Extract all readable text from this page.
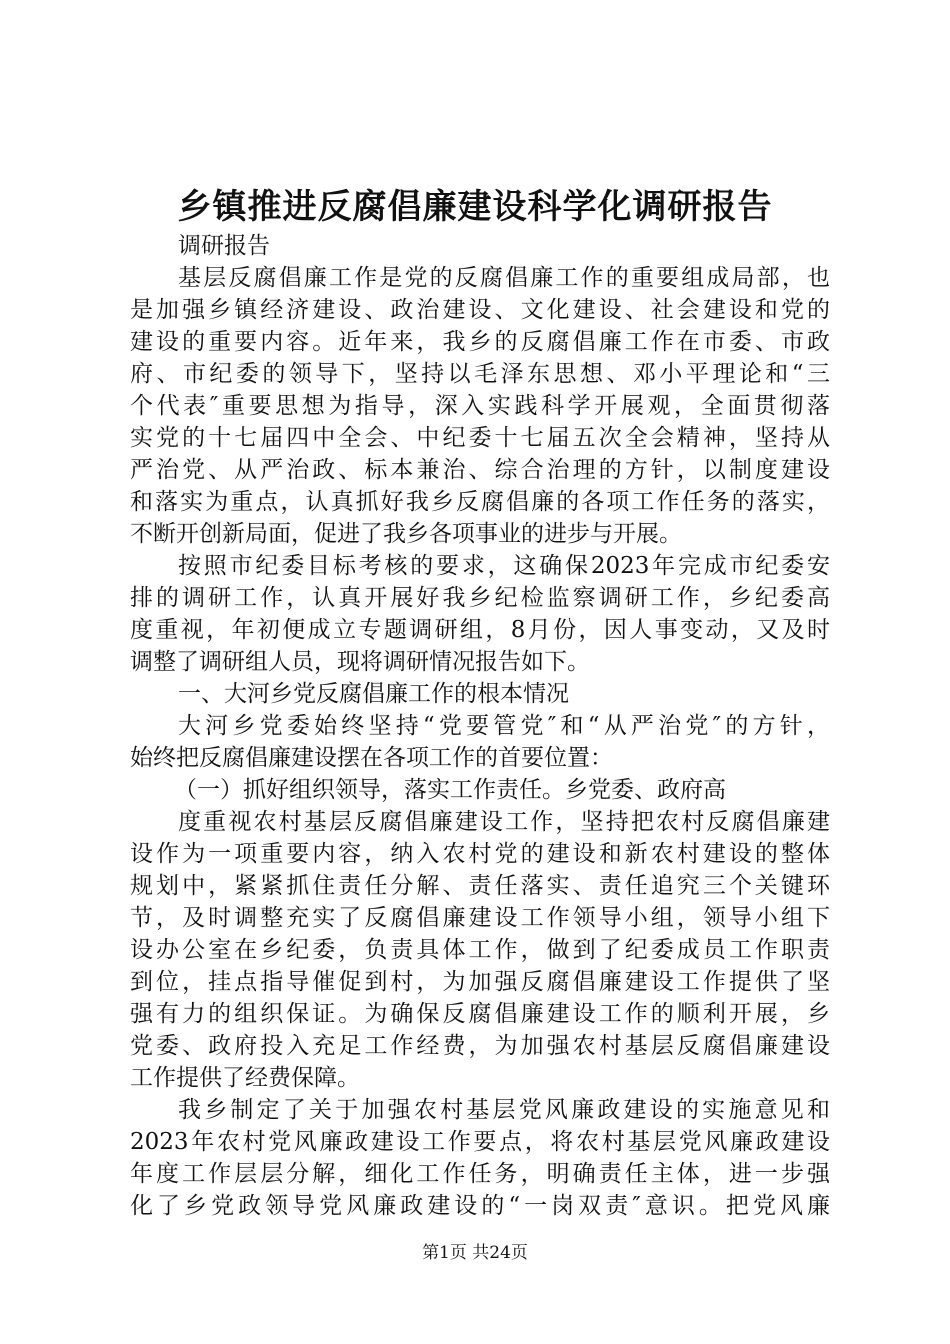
乡镇推进反腐倡廉建设科学化调研报告
调研报告
基层反腐倡廉工作是党的反腐倡廉工作的重要组成局部，也
是加强乡镇经济建设、政治建设、文化建设、社会建设和党的
建设的重要内容。近年来，我乡的反腐倡廉工作在市委、市政
府、市纪委的领导下，坚持以毛泽东思想、邓小平理论和“三
个代表″重要思想为指导，深入实践科学开展观，全面贯彻落
实党的十七届四中全会、中纪委十七届五次全会精神，坚持从
严治党、从严治政、标本兼治、综合治理的方针，以制度建设
和落实为重点，认真抓好我乡反腐倡廉的各项工作任务的落实，
不断开创新局面，促进了我乡各项事业的进步与开展。
按照市纪委目标考核的要求，这确保2023年完成市纪委安
排的调研工作，认真开展好我乡纪检监察调研工作，乡纪委高
度重视，年初便成立专题调研组，8月份，因人事变动，又及时
调整了调研组人员，现将调研情况报告如下。
一、大河乡党反腐倡廉工作的根本情况
大河乡党委始终坚持“党要管党″和“从严治党″的方针，
始终把反腐倡廉建设摆在各项工作的首要位置：
（一）抓好组织领导，落实工作责任。乡党委、政府高
度重视农村基层反腐倡廉建设工作，坚持把农村反腐倡廉建
设作为一项重要内容，纳入农村党的建设和新农村建设的整体
规划中，紧紧抓住责任分解、责任落实、责任追究三个关键环
节，及时调整充实了反腐倡廉建设工作领导小组，领导小组下
设办公室在乡纪委，负责具体工作，做到了纪委成员工作职责
到位，挂点指导催促到村，为加强反腐倡廉建设工作提供了坚
强有力的组织保证。为确保反腐倡廉建设工作的顺利开展，乡
党委、政府投入充足工作经费，为加强农村基层反腐倡廉建设
工作提供了经费保障。
我乡制定了关于加强农村基层党风廉政建设的实施意见和
2023年农村党风廉政建设工作要点，将农村基层党风廉政建设
年度工作层层分解，细化工作任务，明确责任主体，进一步强
化了乡党政领导党风廉政建设的“一岗双责″意识。把党风廉
第1页 共24页
